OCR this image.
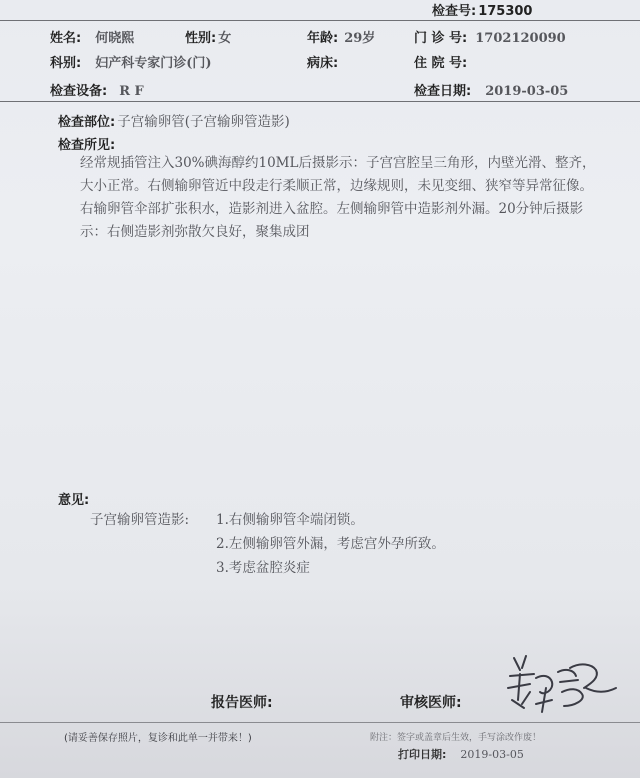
检查号: 175300
姓名: 何晓熙	性别: 女	年龄: 29岁	门 诊 号: 1702120090
科别: 妇产科专家门诊(门)	病床:	住 院 号:
检查设备: R F	检查日期: 2019-03-05
检查部位: 子宫输卵管(子宫输卵管造影)
检查所见:

经常规插管注入30%碘海醇约10ML后摄影示：子宫宫腔呈三角形，内壁光滑、整齐，大小正常。右侧输卵管近中段走行柔顺正常，边缘规则，未见变细、狭窄等异常征像。右输卵管伞部扩张积水，造影剂进入盆腔。左侧输卵管中造影剂外漏。20分钟后摄影示：右侧造影剂弥散欠良好，聚集成团

意见:
子宫输卵管造影: 1.右侧输卵管伞端闭锁。
2.左侧输卵管外漏，考虑宫外孕所致。
3.考虑盆腔炎症
报告医师:	审核医师:
(请妥善保存照片，复诊和此单一并带来！)	附注：签字或盖章后生效，手写涂改作废！
打印日期: 2019-03-05
